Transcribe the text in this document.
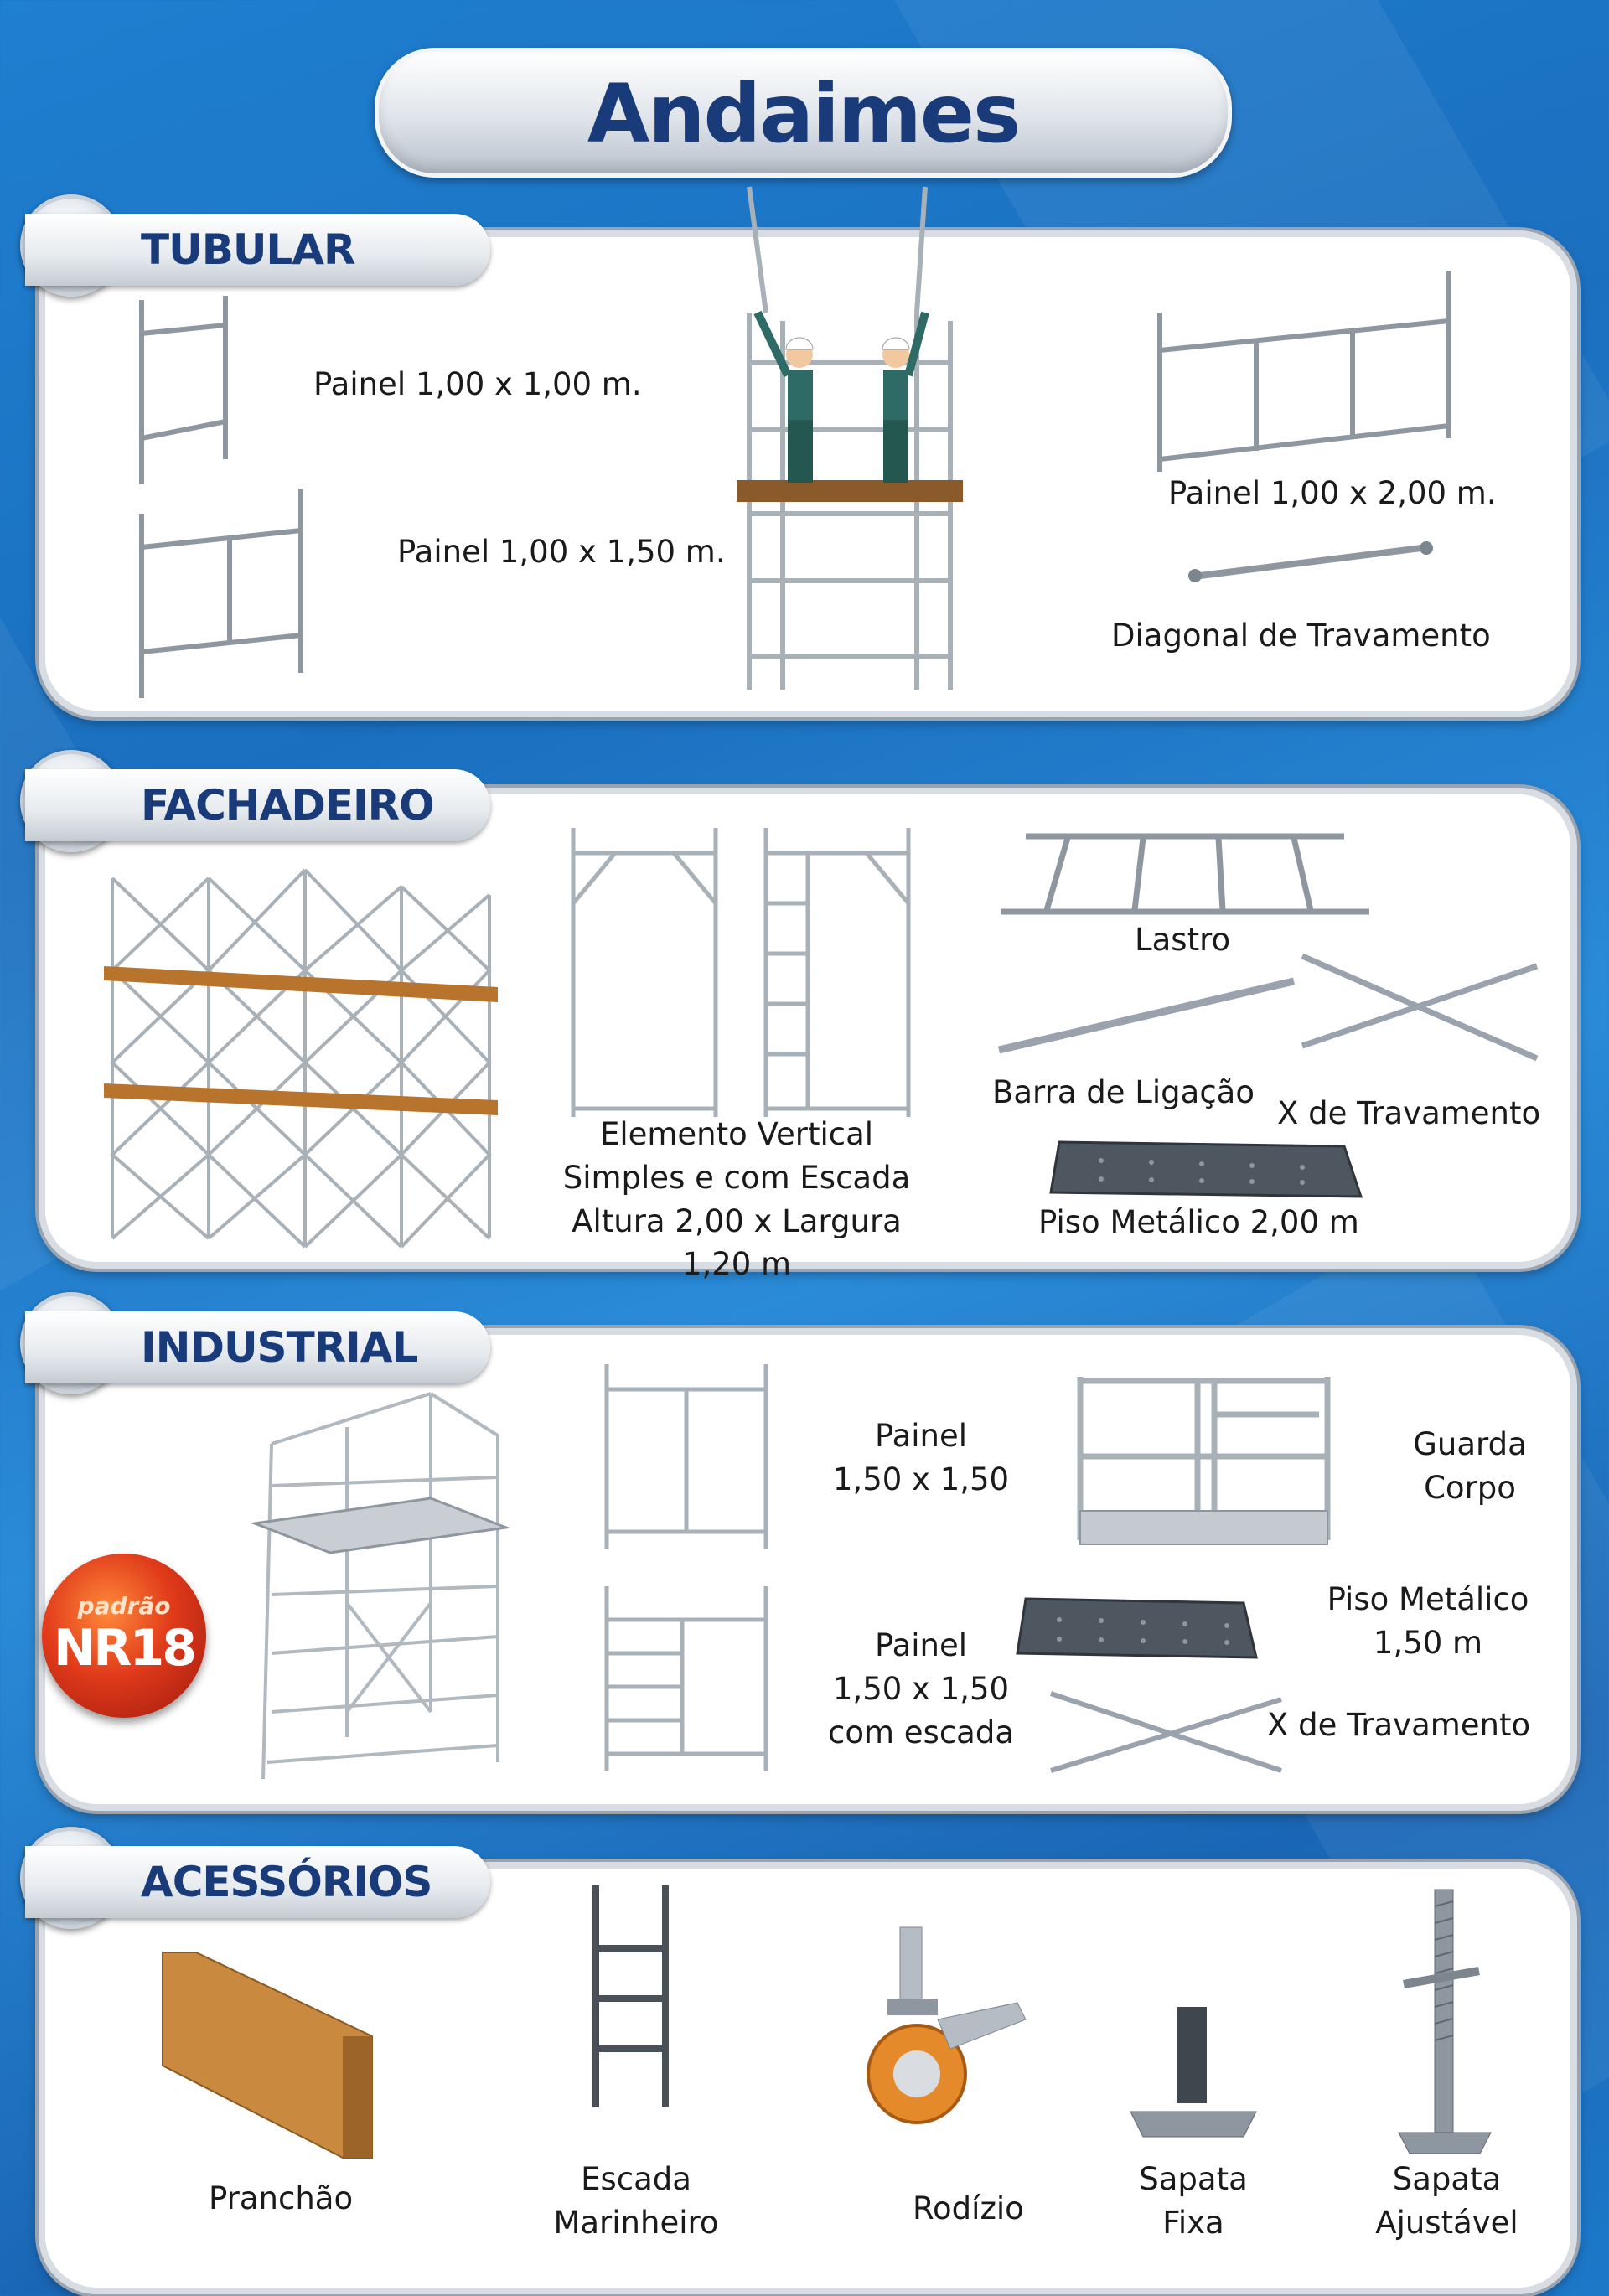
Andaimes
Painel 1,00 x 1,00 m.
Painel 1,00 x 1,50 m.
Painel 1,00 x 2,00 m.
Diagonal de Travamento
TUBULAR
Elemento Vertical
Simples e com Escada
Altura 2,00 x Largura 1,20 m
Lastro
Barra de Ligação
X de Travamento
Piso Metálico 2,00 m
FACHADEIRO
Painel
1,50 x 1,50
Painel
1,50 x 1,50
com escada
Guarda
Corpo
Piso Metálico
1,50 m
X de Travamento
INDUSTRIAL
padrão
NR18
Pranchão
Escada
Marinheiro	Rodízio
Sapata
Fixa
Sapata
Ajustável
ACESSÓRIOS
